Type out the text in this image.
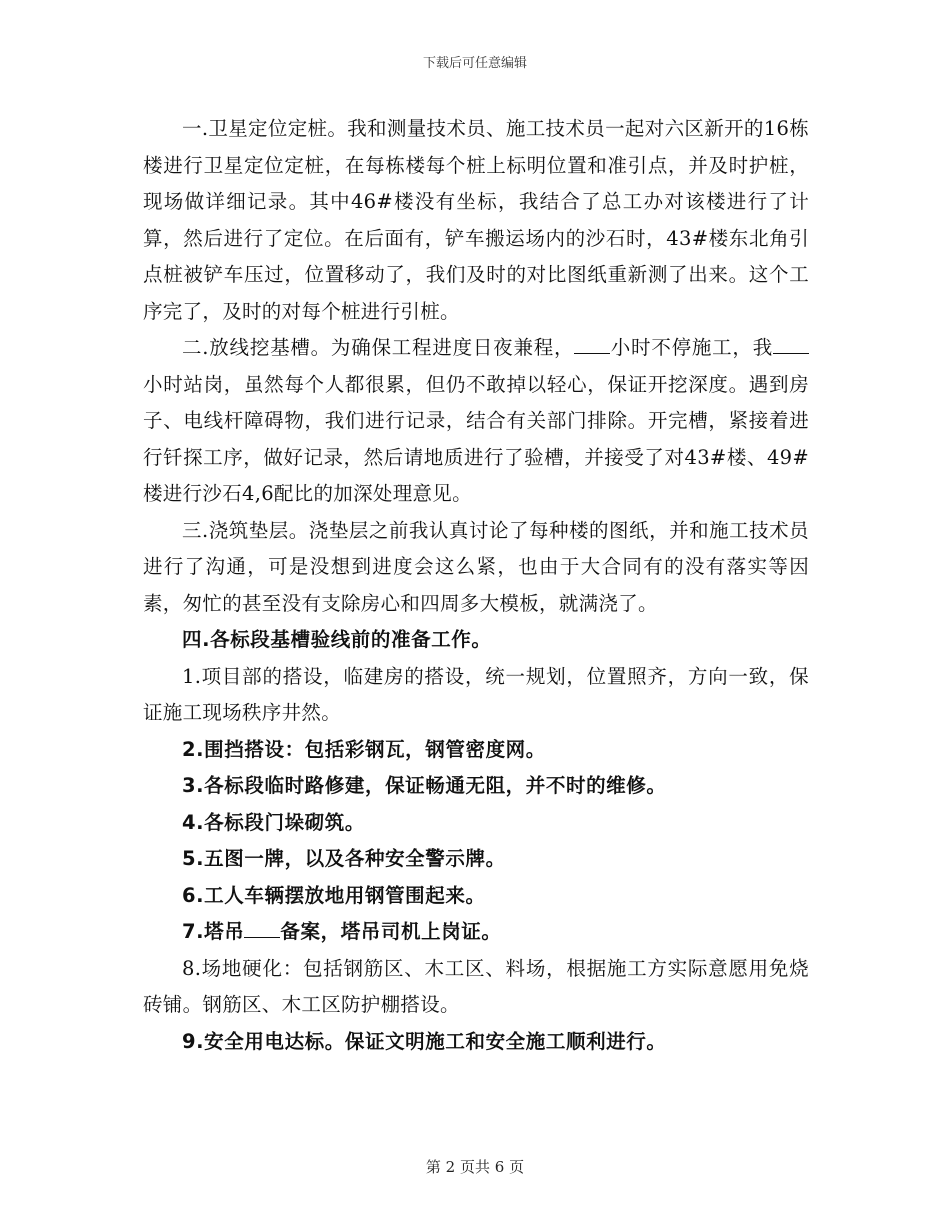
下载后可任意编辑

一.卫星定位定桩。我和测量技术员、施工技术员一起对六区新开的16栋楼进行卫星定位定桩，在每栋楼每个桩上标明位置和准引点，并及时护桩，现场做详细记录。其中46#楼没有坐标，我结合了总工办对该楼进行了计算，然后进行了定位。在后面有，铲车搬运场内的沙石时，43#楼东北角引点桩被铲车压过，位置移动了，我们及时的对比图纸重新测了出来。这个工序完了，及时的对每个桩进行引桩。

二.放线挖基槽。为确保工程进度日夜兼程， 小时不停施工，我小时站岗，虽然每个人都很累，但仍不敢掉以轻心，保证开挖深度。遇到房子、电线杆障碍物，我们进行记录，结合有关部门排除。开完槽，紧接着进行钎探工序，做好记录，然后请地质进行了验槽，并接受了对43#楼、49#楼进行沙石4,6配比的加深处理意见。

三.浇筑垫层。浇垫层之前我认真讨论了每种楼的图纸，并和施工技术员进行了沟通，可是没想到进度会这么紧，也由于大合同有的没有落实等因素，匆忙的甚至没有支除房心和四周多大模板，就满浇了。

四.各标段基槽验线前的准备工作。

1.项目部的搭设，临建房的搭设，统一规划，位置照齐，方向一致，保证施工现场秩序井然。

2.围挡搭设：包括彩钢瓦，钢管密度网。

3.各标段临时路修建，保证畅通无阻，并不时的维修。

4.各标段门垛砌筑。

5.五图一牌，以及各种安全警示牌。

6.工人车辆摆放地用钢管围起来。

7.塔吊 备案，塔吊司机上岗证。

8.场地硬化：包括钢筋区、木工区、料场，根据施工方实际意愿用免烧砖铺。钢筋区、木工区防护棚搭设。

9.安全用电达标。保证文明施工和安全施工顺利进行。

第 2 页共 6 页
